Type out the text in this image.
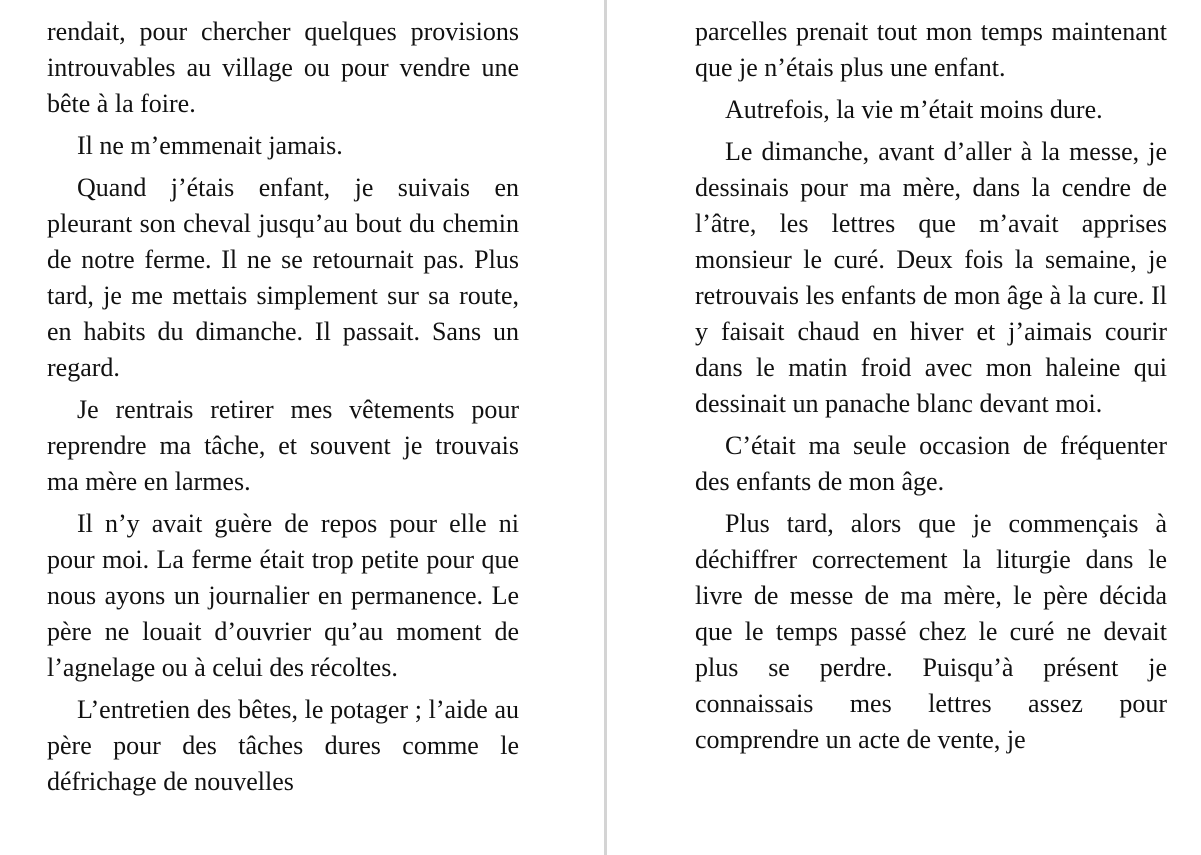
rendait, pour chercher quelques provisions introuvables au village ou pour vendre une bête à la foire.

Il ne m’emmenait jamais.

Quand j’étais enfant, je suivais en pleurant son cheval jusqu’au bout du chemin de notre ferme. Il ne se retournait pas. Plus tard, je me mettais simplement sur sa route, en habits du dimanche. Il passait. Sans un regard.

Je rentrais retirer mes vêtements pour reprendre ma tâche, et souvent je trouvais ma mère en larmes.

Il n’y avait guère de repos pour elle ni pour moi. La ferme était trop petite pour que nous ayons un journalier en permanence. Le père ne louait d’ouvrier qu’au moment de l’agnelage ou à celui des récoltes.

L’entretien des bêtes, le potager ; l’aide au père pour des tâches dures comme le défrichage de nouvelles

parcelles prenait tout mon temps maintenant que je n’étais plus une enfant.

Autrefois, la vie m’était moins dure.

Le dimanche, avant d’aller à la messe, je dessinais pour ma mère, dans la cendre de l’âtre, les lettres que m’avait apprises monsieur le curé. Deux fois la semaine, je retrouvais les enfants de mon âge à la cure. Il y faisait chaud en hiver et j’aimais courir dans le matin froid avec mon haleine qui dessinait un panache blanc devant moi.

C’était ma seule occasion de fréquenter des enfants de mon âge.

Plus tard, alors que je commençais à déchiffrer correctement la liturgie dans le livre de messe de ma mère, le père décida que le temps passé chez le curé ne devait plus se perdre. Puisqu’à présent je connaissais mes lettres assez pour comprendre un acte de vente, je
